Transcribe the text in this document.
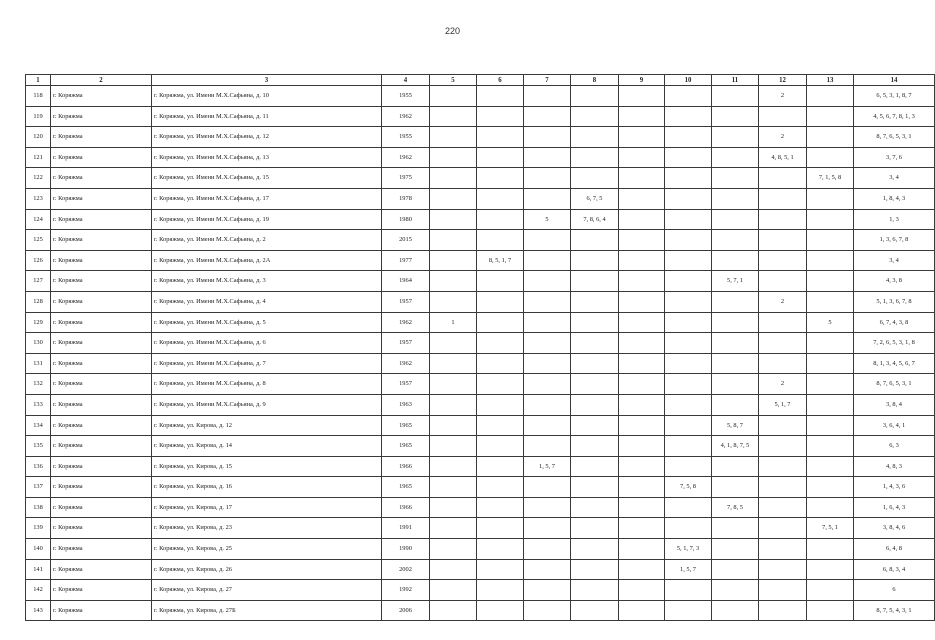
220
1	2	3	4	5	6	7	8	9	10	11	12	13	14
118	г. Коряжма	г. Коряжма, ул. Имени М.Х.Сафьяна, д. 10	1955								2		6, 5, 3, 1, 8, 7
119	г. Коряжма	г. Коряжма, ул. Имени М.Х.Сафьяна, д. 11	1962										4, 5, 6, 7, 8, 1, 3
120	г. Коряжма	г. Коряжма, ул. Имени М.Х.Сафьяна, д. 12	1955								2		8, 7, 6, 5, 3, 1
121	г. Коряжма	г. Коряжма, ул. Имени М.Х.Сафьяна, д. 13	1962								4, 8, 5, 1		3, 7, 6
122	г. Коряжма	г. Коряжма, ул. Имени М.Х.Сафьяна, д. 15	1975									7, 1, 5, 8	3, 4
123	г. Коряжма	г. Коряжма, ул. Имени М.Х.Сафьяна, д. 17	1978				6, 7, 5						1, 8, 4, 3
124	г. Коряжма	г. Коряжма, ул. Имени М.Х.Сафьяна, д. 19	1980			5	7, 8, 6, 4						1, 3
125	г. Коряжма	г. Коряжма, ул. Имени М.Х.Сафьяна, д. 2	2015										1, 3, 6, 7, 8
126	г. Коряжма	г. Коряжма, ул. Имени М.Х.Сафьяна, д. 2А	1977		8, 5, 1, 7								3, 4
127	г. Коряжма	г. Коряжма, ул. Имени М.Х.Сафьяна, д. 3	1964							5, 7, 1			4, 3, 8
128	г. Коряжма	г. Коряжма, ул. Имени М.Х.Сафьяна, д. 4	1957								2		5, 1, 3, 6, 7, 8
129	г. Коряжма	г. Коряжма, ул. Имени М.Х.Сафьяна, д. 5	1962	1								5	6, 7, 4, 3, 8
130	г. Коряжма	г. Коряжма, ул. Имени М.Х.Сафьяна, д. 6	1957										7, 2, 6, 5, 3, 1, 8
131	г. Коряжма	г. Коряжма, ул. Имени М.Х.Сафьяна, д. 7	1962										8, 1, 3, 4, 5, 6, 7
132	г. Коряжма	г. Коряжма, ул. Имени М.Х.Сафьяна, д. 8	1957								2		8, 7, 6, 5, 3, 1
133	г. Коряжма	г. Коряжма, ул. Имени М.Х.Сафьяна, д. 9	1963								5, 1, 7		3, 8, 4
134	г. Коряжма	г. Коряжма, ул. Кирова, д. 12	1965							5, 8, 7			3, 6, 4, 1
135	г. Коряжма	г. Коряжма, ул. Кирова, д. 14	1965							4, 1, 8, 7, 5			6, 3
136	г. Коряжма	г. Коряжма, ул. Кирова, д. 15	1966			1, 5, 7							4, 8, 3
137	г. Коряжма	г. Коряжма, ул. Кирова, д. 16	1965						7, 5, 8				1, 4, 3, 6
138	г. Коряжма	г. Коряжма, ул. Кирова, д. 17	1966							7, 8, 5			1, 6, 4, 3
139	г. Коряжма	г. Коряжма, ул. Кирова, д. 23	1991									7, 5, 1	3, 8, 4, 6
140	г. Коряжма	г. Коряжма, ул. Кирова, д. 25	1990						5, 1, 7, 3				6, 4, 8
141	г. Коряжма	г. Коряжма, ул. Кирова, д. 26	2002						1, 5, 7				6, 8, 3, 4
142	г. Коряжма	г. Коряжма, ул. Кирова, д. 27	1992										6
143	г. Коряжма	г. Коряжма, ул. Кирова, д. 27Б	2006										8, 7, 5, 4, 3, 1
